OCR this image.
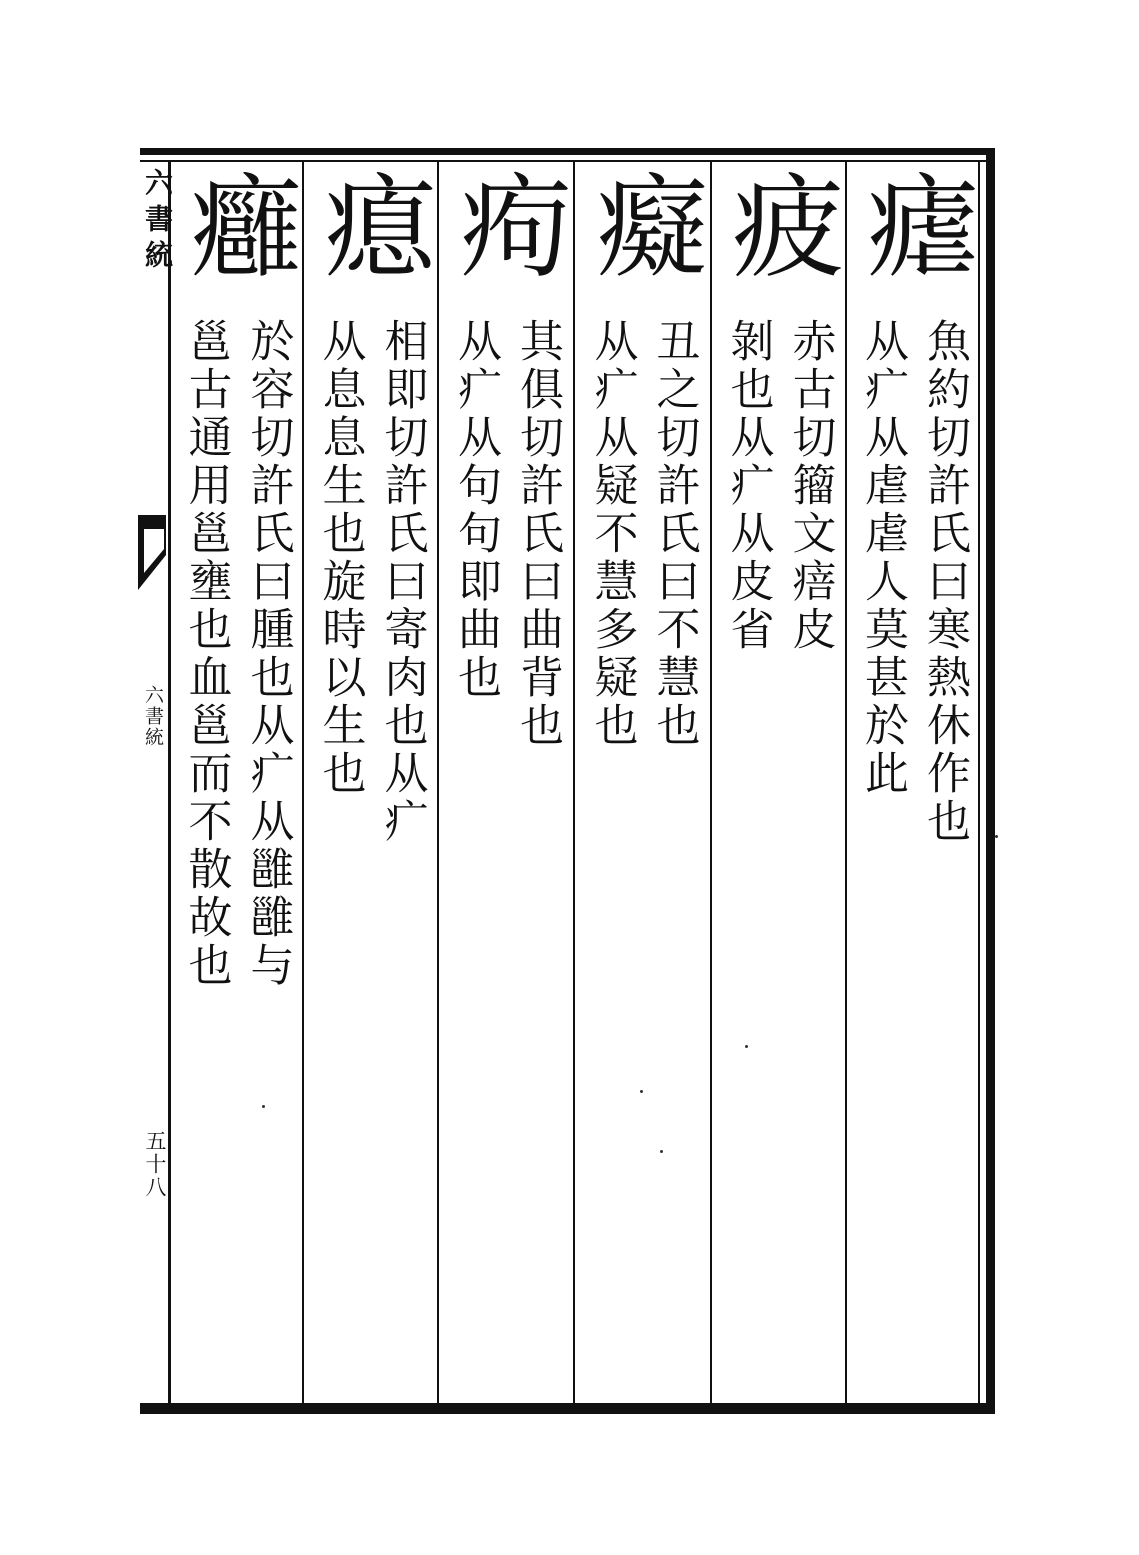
六書統
六書統
五十八
瘧
魚約切許氏曰寒熱休作也
从疒从虐虐人莫甚於此
疲
赤古切籀文㾦皮
剝也从疒从皮省
癡
丑之切許氏曰不慧也
从疒从疑不慧多疑也
痀
其俱切許氏曰曲背也
从疒从句句即曲也
瘜
相即切許氏曰寄肉也从疒
从息息生也旋時以生也
癰
於容切許氏曰腫也从疒从雝雝与
邕古通用邕壅也血邕而不散故也
